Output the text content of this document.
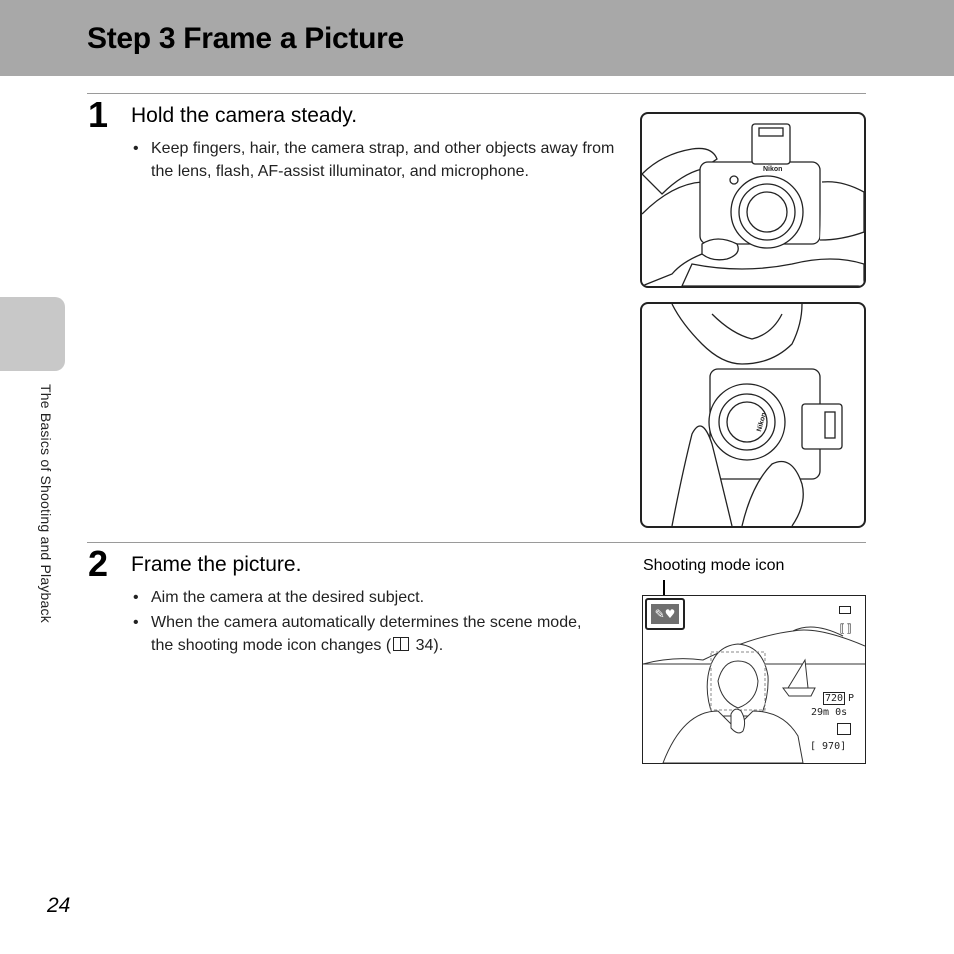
Step 3 Frame a Picture
1 Hold the camera steady.
• Keep fingers, hair, the camera strap, and other objects away from the lens, flash, AF-assist illuminator, and microphone.	Nikon
Nikon
2 Frame the picture.
• Aim the camera at the desired subject.
• When the camera automatically determines the scene mode, the shooting mode icon changes ( 34).
Shooting mode icon
✎♥
⟦⟧
720 P
29m 0s
[ 970]
The Basics of Shooting and Playback
24
